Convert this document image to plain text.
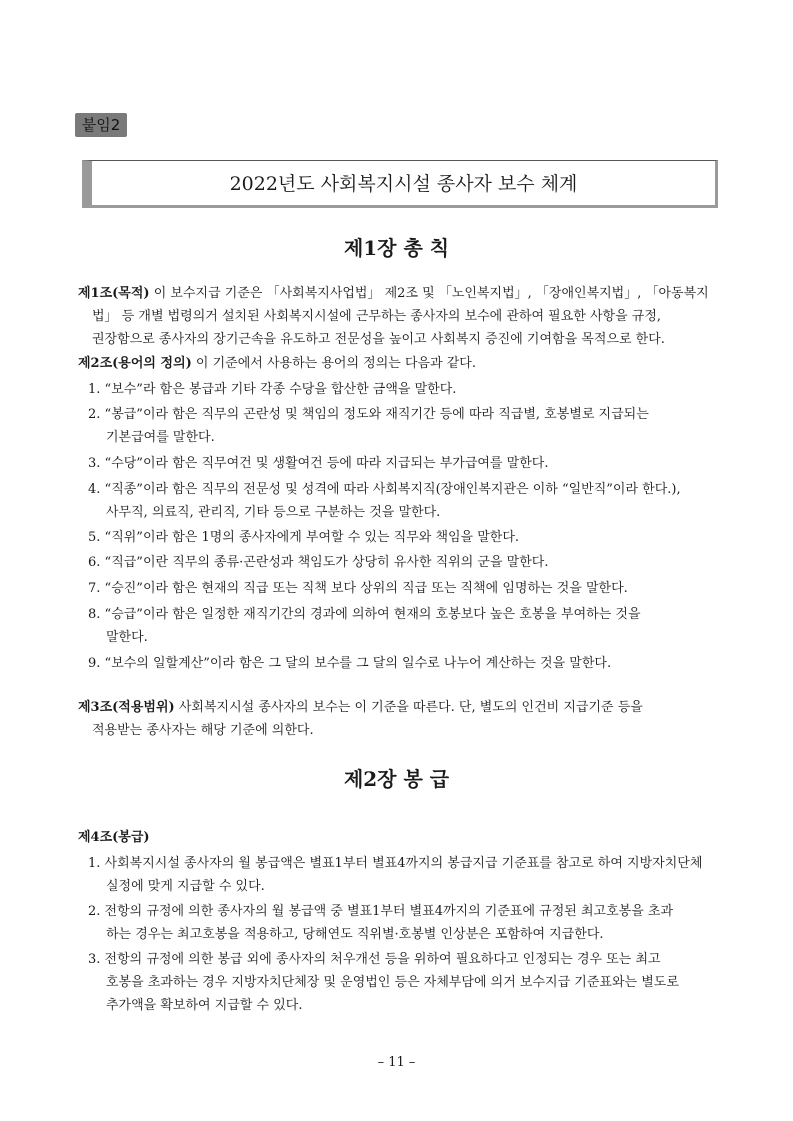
붙임2
2022년도 사회복지시설 종사자 보수 체계
제1장 총 칙
제1조(목적) 이 보수지급 기준은 「사회복지사업법」 제2조 및 「노인복지법」, 「장애인복지법」, 「아동복지
법」 등 개별 법령의거 설치된 사회복지시설에 근무하는 종사자의 보수에 관하여 필요한 사항을 규정,
권장함으로 종사자의 장기근속을 유도하고 전문성을 높이고 사회복지 증진에 기여함을 목적으로 한다.
제2조(용어의 정의) 이 기준에서 사용하는 용어의 정의는 다음과 같다.
1. “보수”라 함은 봉급과 기타 각종 수당을 합산한 금액을 말한다.
2. “봉급”이라 함은 직무의 곤란성 및 책임의 정도와 재직기간 등에 따라 직급별, 호봉별로 지급되는
기본급여를 말한다.
3. “수당”이라 함은 직무여건 및 생활여건 등에 따라 지급되는 부가급여를 말한다.
4. “직종”이라 함은 직무의 전문성 및 성격에 따라 사회복지직(장애인복지관은 이하 “일반직”이라 한다.),
사무직, 의료직, 관리직, 기타 등으로 구분하는 것을 말한다.
5. “직위”이라 함은 1명의 종사자에게 부여할 수 있는 직무와 책임을 말한다.
6. “직급”이란 직무의 종류·곤란성과 책임도가 상당히 유사한 직위의 군을 말한다.
7. “승진”이라 함은 현재의 직급 또는 직책 보다 상위의 직급 또는 직책에 임명하는 것을 말한다.
8. “승급”이라 함은 일정한 재직기간의 경과에 의하여 현재의 호봉보다 높은 호봉을 부여하는 것을
말한다.
9. “보수의 일할계산”이라 함은 그 달의 보수를 그 달의 일수로 나누어 계산하는 것을 말한다.
제3조(적용범위) 사회복지시설 종사자의 보수는 이 기준을 따른다. 단, 별도의 인건비 지급기준 등을
적용받는 종사자는 해당 기준에 의한다.
제2장 봉 급
제4조(봉급)
1. 사회복지시설 종사자의 월 봉급액은 별표1부터 별표4까지의 봉급지급 기준표를 참고로 하여 지방자치단체
실정에 맞게 지급할 수 있다.
2. 전항의 규정에 의한 종사자의 월 봉급액 중 별표1부터 별표4까지의 기준표에 규정된 최고호봉을 초과
하는 경우는 최고호봉을 적용하고, 당해연도 직위별·호봉별 인상분은 포함하여 지급한다.
3. 전항의 규정에 의한 봉급 외에 종사자의 처우개선 등을 위하여 필요하다고 인정되는 경우 또는 최고
호봉을 초과하는 경우 지방자치단체장 및 운영법인 등은 자체부담에 의거 보수지급 기준표와는 별도로
추가액을 확보하여 지급할 수 있다.
– 11 –
